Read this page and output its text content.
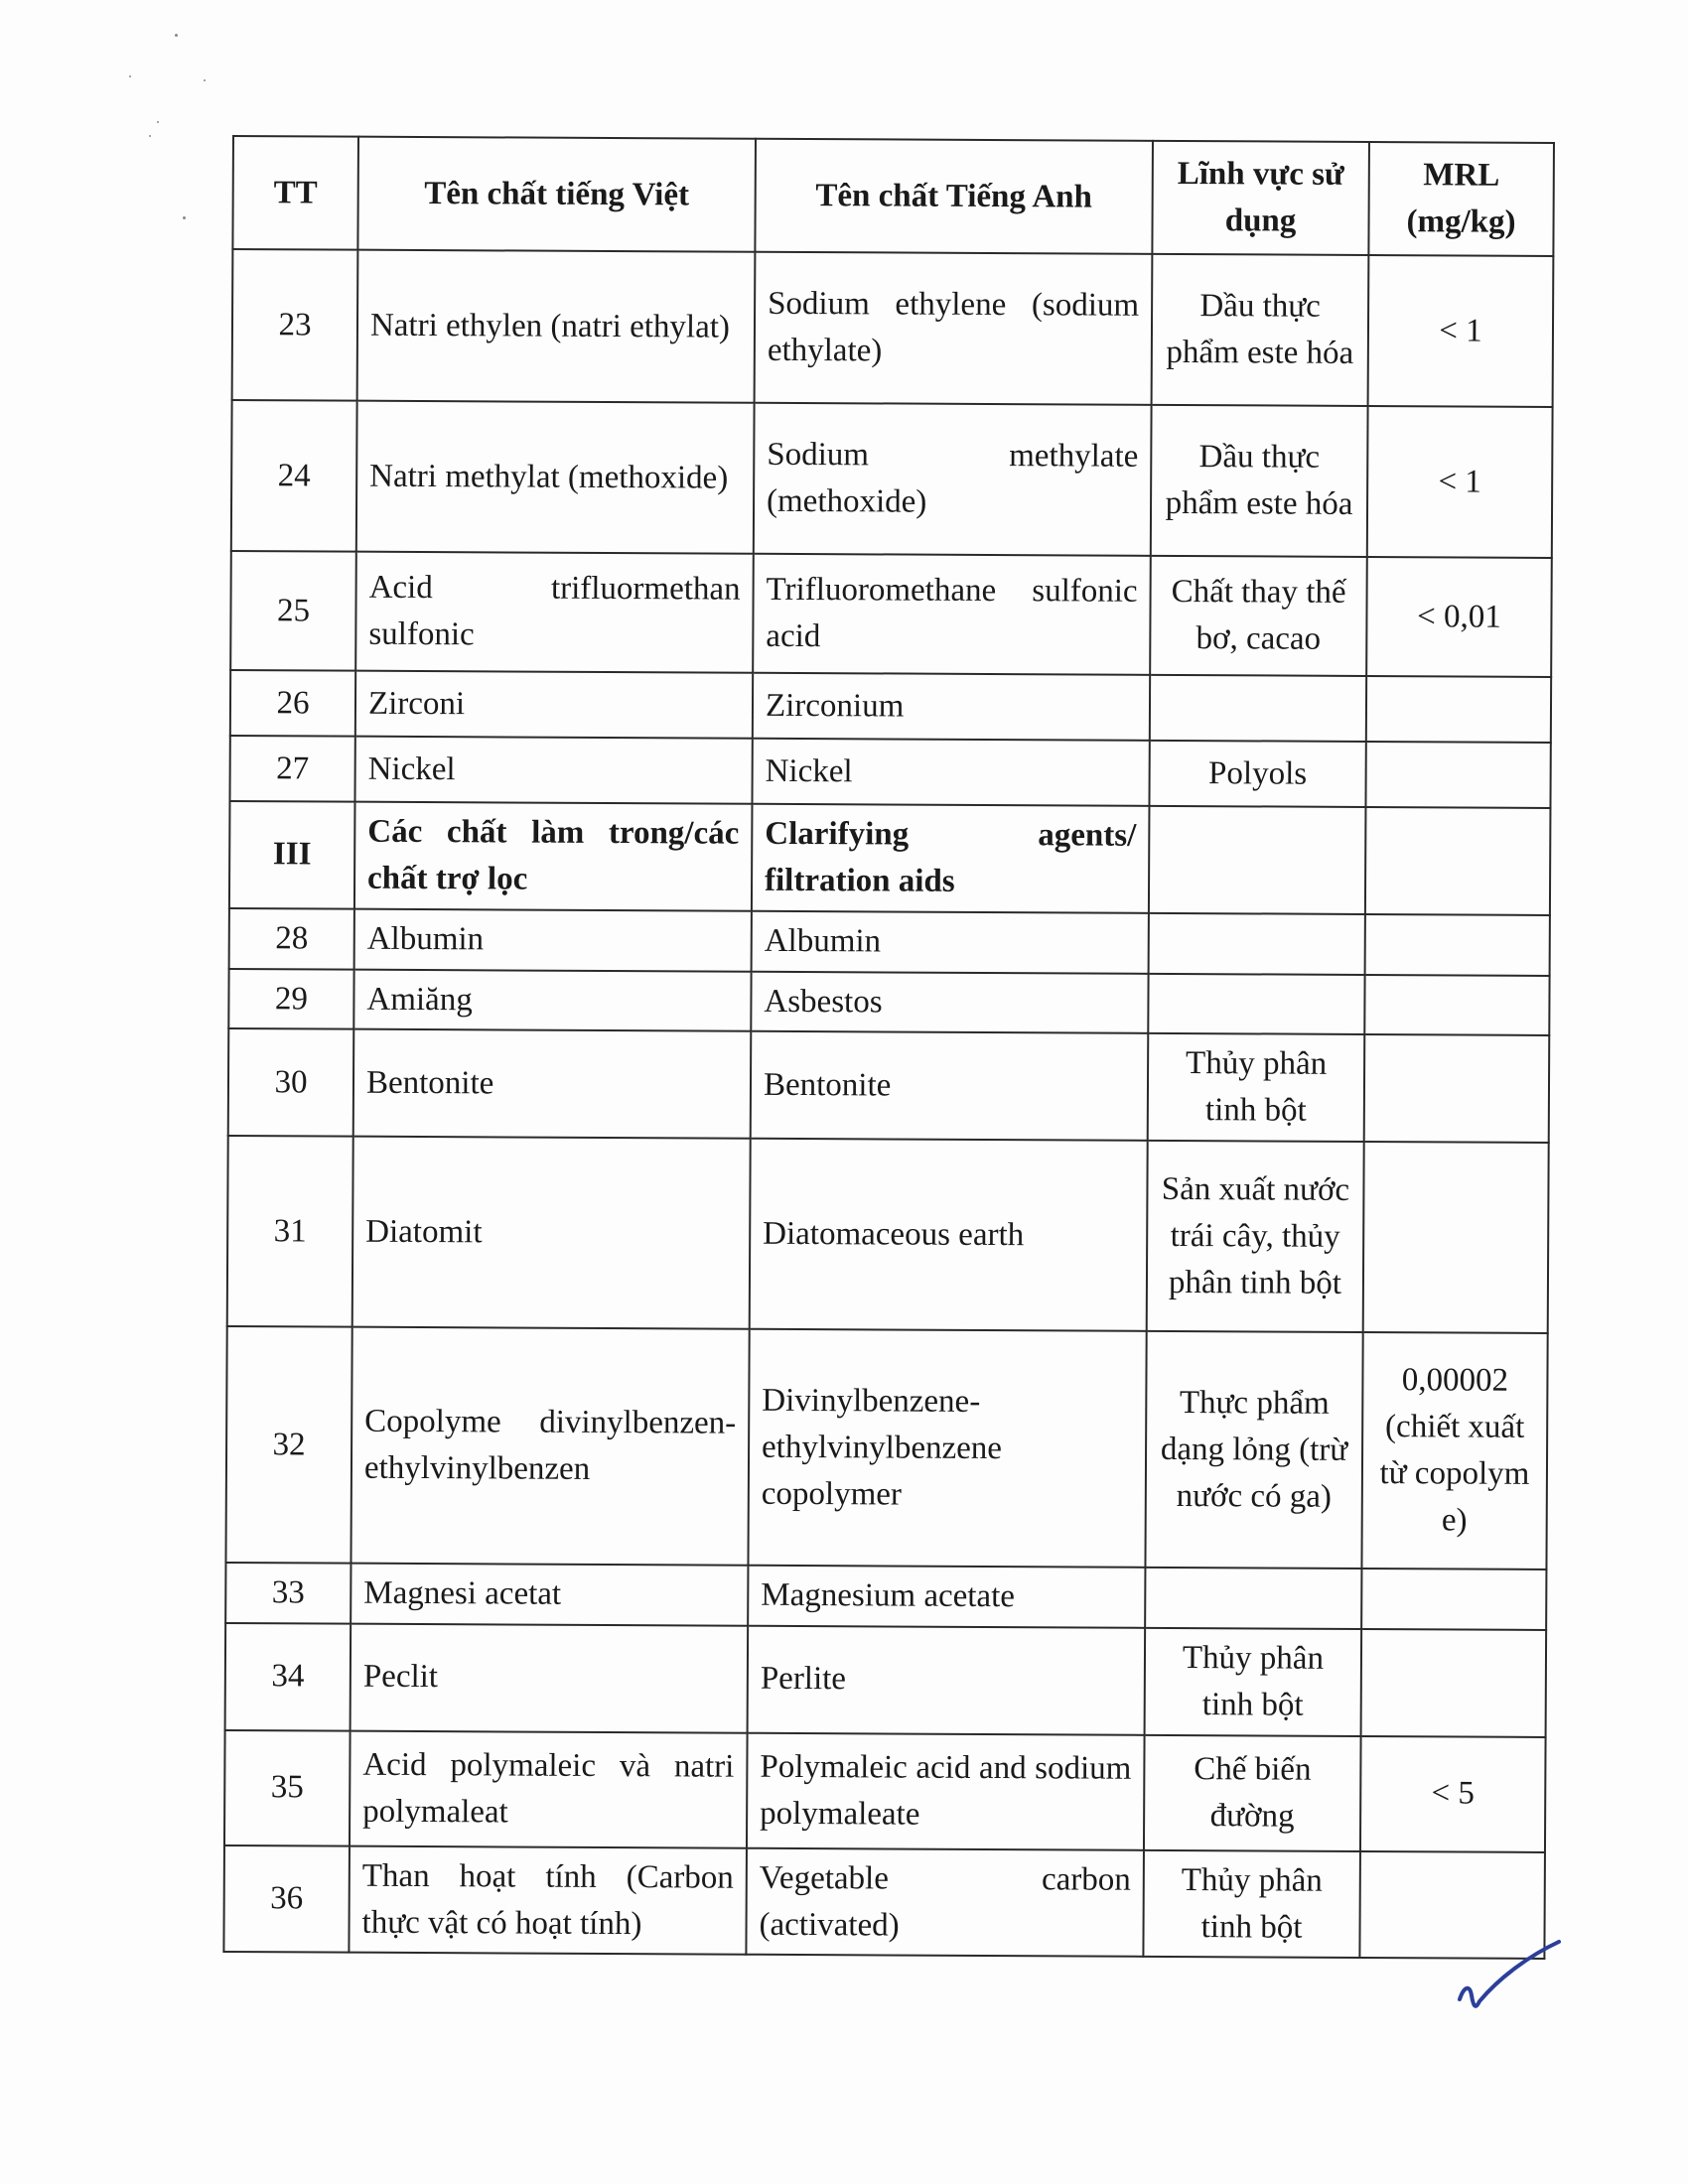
TT	Tên chất tiếng Việt	Tên chất Tiếng Anh	Lĩnh vực sử dụng	MRL (mg/kg)
23	Natri ethylen (natri ethylat)	Sodium ethylene (sodium ethylate)	Dầu thực phẩm este hóa	< 1
24	Natri methylat (methoxide)	Sodium methylate (methoxide)	Dầu thực phẩm este hóa	< 1
25	Acid trifluormethan sulfonic	Trifluoromethane sulfonic acid	Chất thay thế bơ, cacao	< 0,01
26	Zirconi	Zirconium		
27	Nickel	Nickel	Polyols	
III	Các chất làm trong/các chất trợ lọc	Clarifying agents/ filtration aids		
28	Albumin	Albumin		
29	Amiăng	Asbestos		
30	Bentonite	Bentonite	Thủy phân tinh bột	
31	Diatomit	Diatomaceous earth	Sản xuất nước trái cây, thủy phân tinh bột	
32	Copolyme divinylbenzen-ethylvinylbenzen	Divinylbenzene-ethylvinylbenzene copolymer	Thực phẩm dạng lỏng (trừ nước có ga)	0,00002 (chiết xuất từ copolym e)
33	Magnesi acetat	Magnesium acetate		
34	Peclit	Perlite	Thủy phân tinh bột	
35	Acid polymaleic và natri polymaleat	Polymaleic acid and sodium polymaleate	Chế biến đường	< 5
36	Than hoạt tính (Carbon thực vật có hoạt tính)	Vegetable carbon (activated)	Thủy phân tinh bột	
